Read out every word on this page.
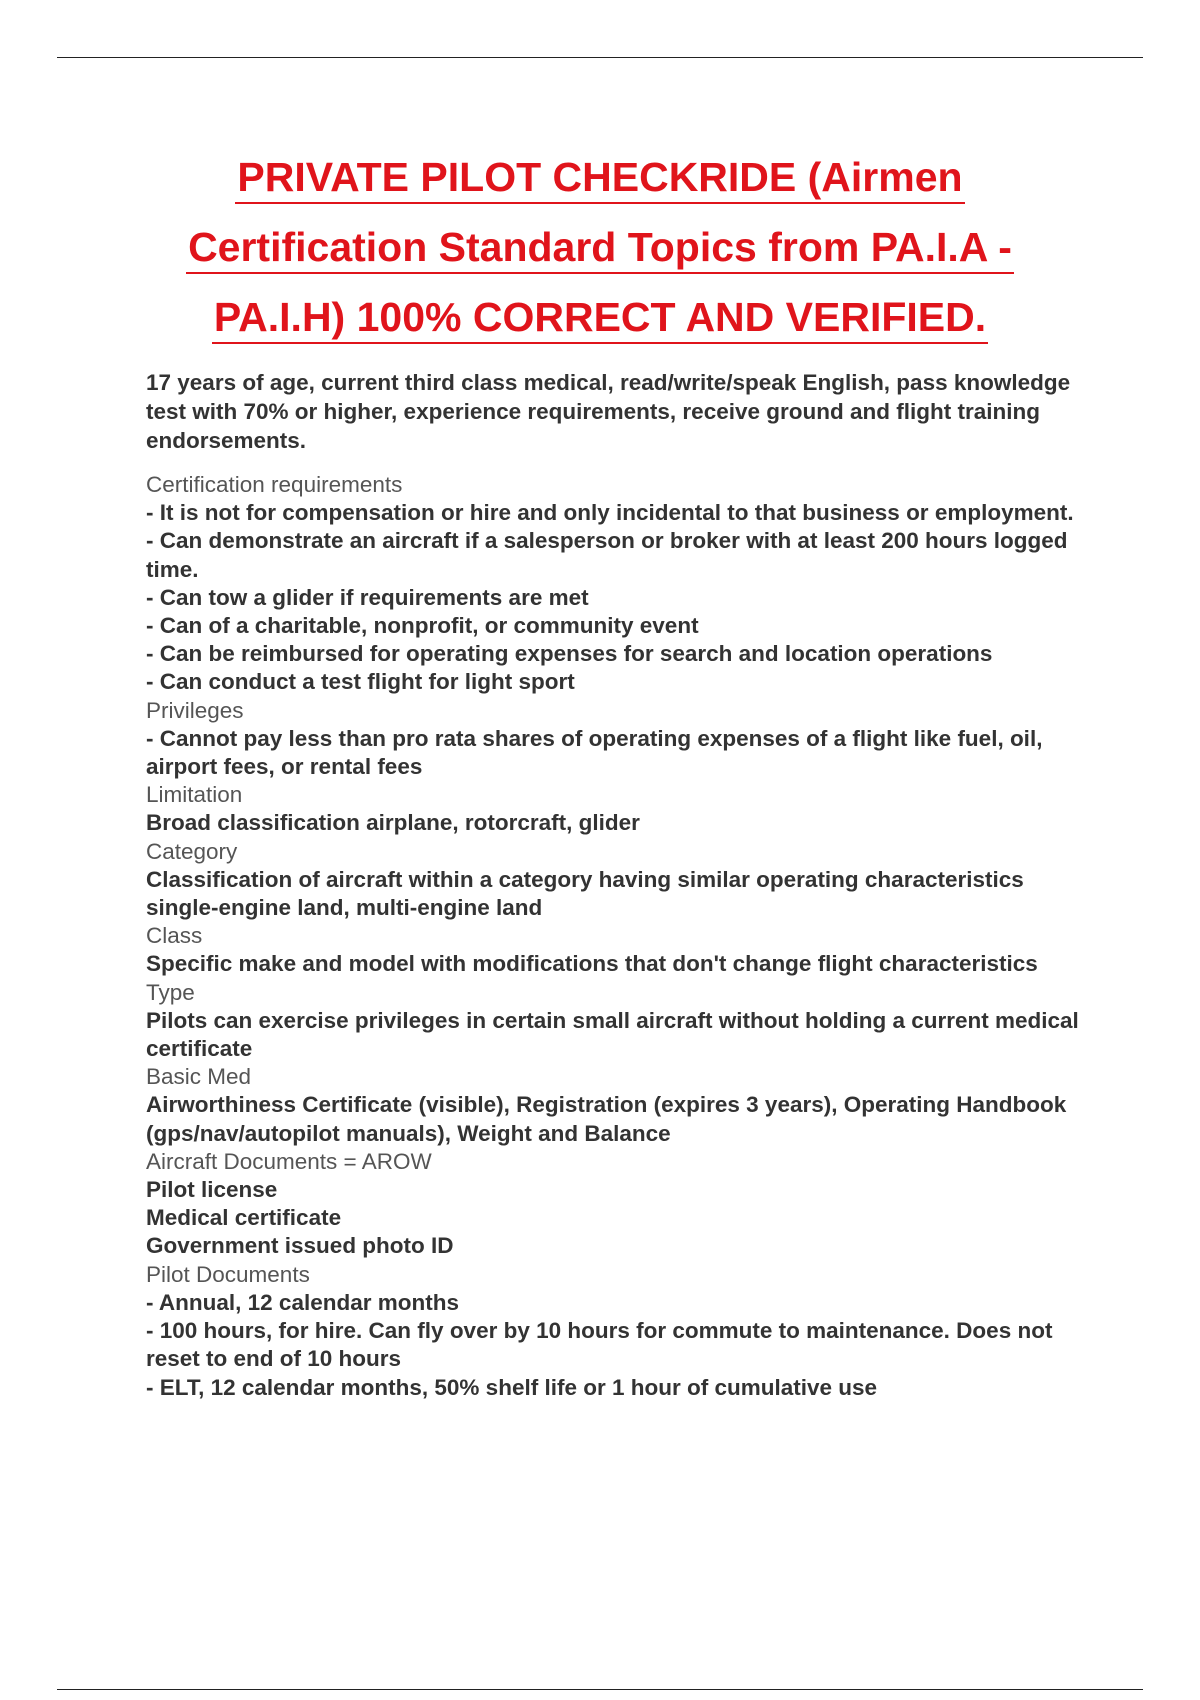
PRIVATE PILOT CHECKRIDE (Airmen
Certification Standard Topics from PA.I.A -
PA.I.H) 100% CORRECT AND VERIFIED.

17 years of age, current third class medical, read/write/speak English, pass knowledge test with 70% or higher, experience requirements, receive ground and flight training endorsements.

Certification requirements
- It is not for compensation or hire and only incidental to that business or employment.
- Can demonstrate an aircraft if a salesperson or broker with at least 200 hours logged time.
- Can tow a glider if requirements are met
- Can of a charitable, nonprofit, or community event
- Can be reimbursed for operating expenses for search and location operations
- Can conduct a test flight for light sport
Privileges
- Cannot pay less than pro rata shares of operating expenses of a flight like fuel, oil, airport fees, or rental fees
Limitation
Broad classification airplane, rotorcraft, glider
Category
Classification of aircraft within a category having similar operating characteristics single-engine land, multi-engine land
Class
Specific make and model with modifications that don't change flight characteristics
Type
Pilots can exercise privileges in certain small aircraft without holding a current medical certificate
Basic Med
Airworthiness Certificate (visible), Registration (expires 3 years), Operating Handbook (gps/nav/autopilot manuals), Weight and Balance
Aircraft Documents = AROW
Pilot license
Medical certificate
Government issued photo ID
Pilot Documents
- Annual, 12 calendar months
- 100 hours, for hire. Can fly over by 10 hours for commute to maintenance. Does not reset to end of 10 hours
- ELT, 12 calendar months, 50% shelf life or 1 hour of cumulative use
